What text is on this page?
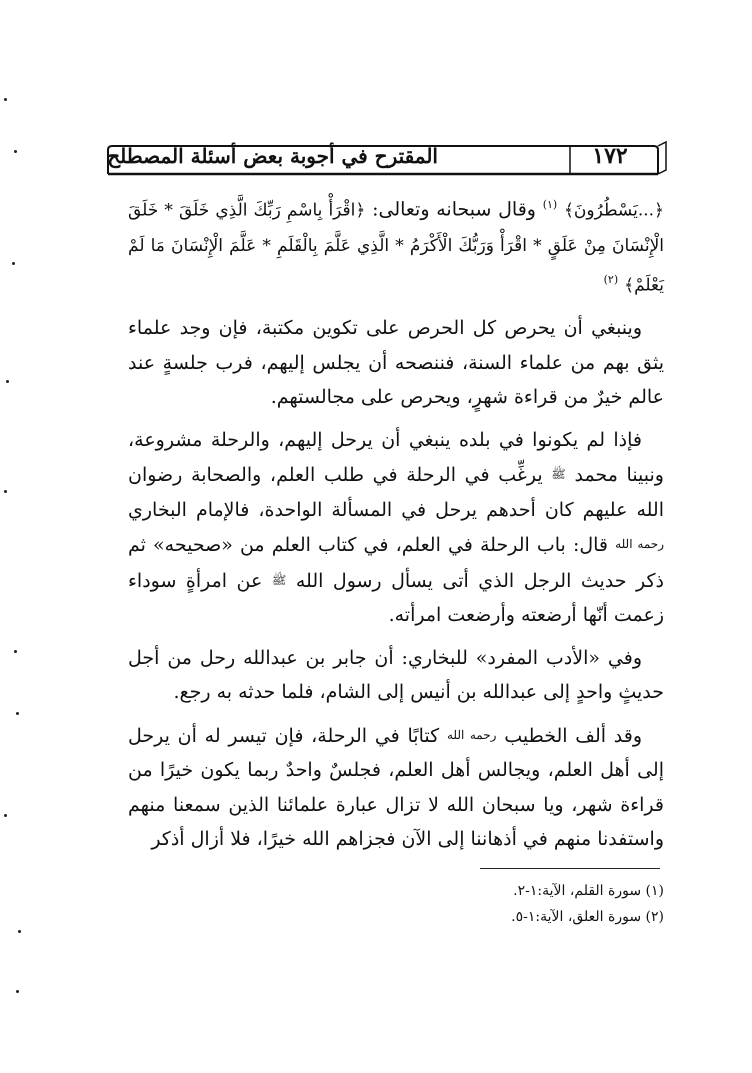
المقترح في أجوبة بعض أسئلة المصطلح	١٧٢

﴿...يَسْطُرُونَ﴾ $^{(١)}$ وقال سبحانه وتعالى: ﴿اقْرَأْ بِاسْمِ رَبِّكَ الَّذِي خَلَقَ * خَلَقَ الْإِنْسَانَ مِنْ عَلَقٍ * اقْرَأْ وَرَبُّكَ الْأَكْرَمُ * الَّذِي عَلَّمَ بِالْقَلَمِ * عَلَّمَ الْإِنْسَانَ مَا لَمْ يَعْلَمْ﴾ $^{(٢)}$

وينبغي أن يحرص كل الحرص على تكوين مكتبة، فإن وجد علماء يثق بهم من علماء السنة، فننصحه أن يجلس إليهم، فرب جلسةٍ عند عالم خيرٌ من قراءة شهرٍ، ويحرص على مجالستهم.

فإذا لم يكونوا في بلده ينبغي أن يرحل إليهم، والرحلة مشروعة، ونبينا محمد ﷺ يرغِّب في الرحلة في طلب العلم، والصحابة رضوان الله عليهم كان أحدهم يرحل في المسألة الواحدة، فالإمام البخاري رحمه الله قال: باب الرحلة في العلم، في كتاب العلم من «صحيحه» ثم ذكر حديث الرجل الذي أتى يسأل رسول الله ﷺ عن امرأةٍ سوداء زعمت أنّها أرضعته وأرضعت امرأته.

وفي «الأدب المفرد» للبخاري: أن جابر بن عبدالله رحل من أجل حديثٍ واحدٍ إلى عبدالله بن أنيس إلى الشام، فلما حدثه به رجع.

وقد ألف الخطيب رحمه الله كتابًا في الرحلة، فإن تيسر له أن يرحل إلى أهل العلم، ويجالس أهل العلم، فجلسٌ واحدٌ ربما يكون خيرًا من قراءة شهر، ويا سبحان الله لا تزال عبارة علمائنا الذين سمعنا منهم واستفدنا منهم في أذهاننا إلى الآن فجزاهم الله خيرًا، فلا أزال أذكر

(١) سورة القلم، الآية:١-٢.

(٢) سورة العلق، الآية:١-٥.
